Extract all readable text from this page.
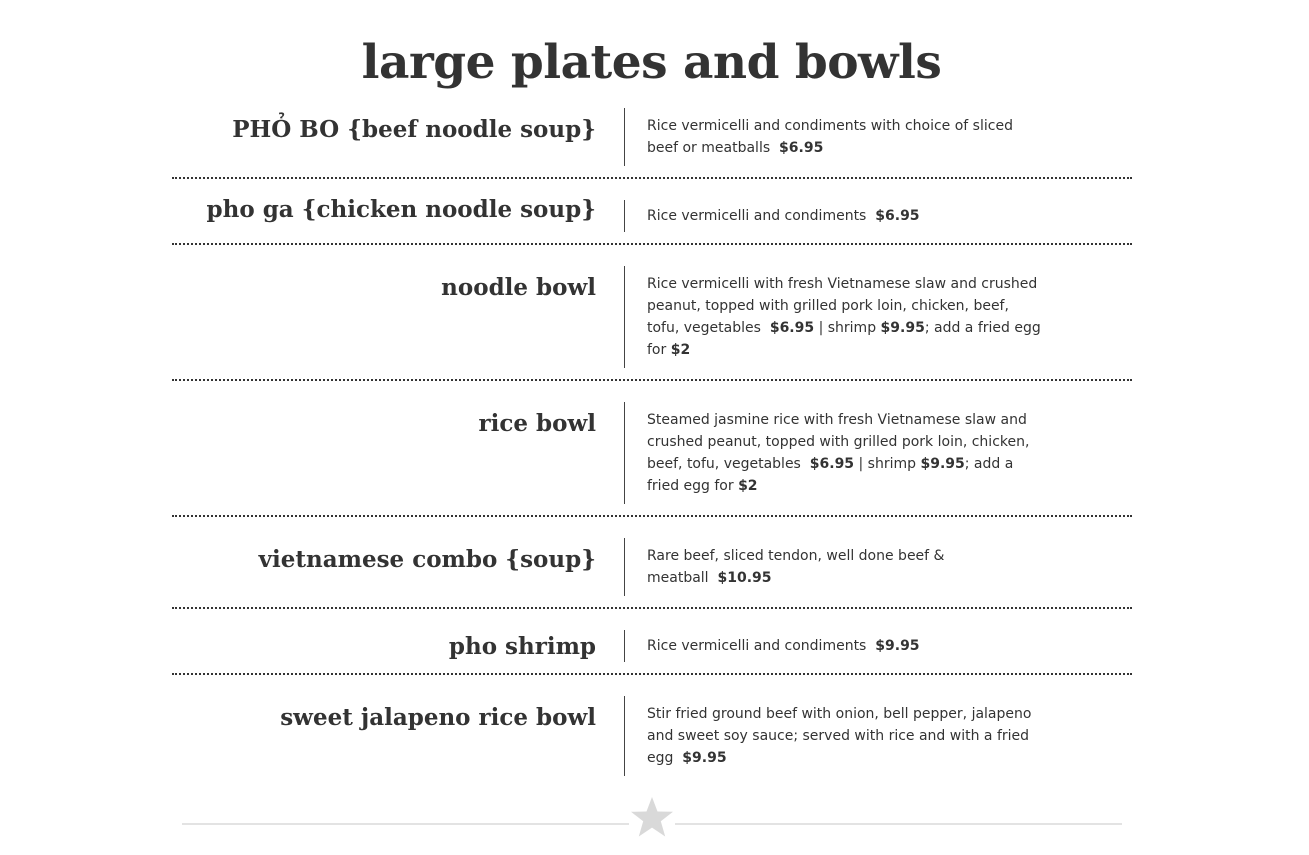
large plates and bowls
PHỎ BO {beef noodle soup}	Rice vermicelli and condiments with choice of sliced beef or meatballs $6.95
pho ga {chicken noodle soup}	Rice vermicelli and condiments $6.95
noodle bowl	Rice vermicelli with fresh Vietnamese slaw and crushed peanut, topped with grilled pork loin, chicken, beef, tofu, vegetables $6.95 | shrimp $9.95; add a fried egg for $2
rice bowl	Steamed jasmine rice with fresh Vietnamese slaw and crushed peanut, topped with grilled pork loin, chicken, beef, tofu, vegetables $6.95 | shrimp $9.95; add a fried egg for $2
vietnamese combo {soup}	Rare beef, sliced tendon, well done beef & meatball $10.95
pho shrimp	Rice vermicelli and condiments $9.95
sweet jalapeno rice bowl	Stir fried ground beef with onion, bell pepper, jalapeno and sweet soy sauce; served with rice and with a fried egg $9.95
